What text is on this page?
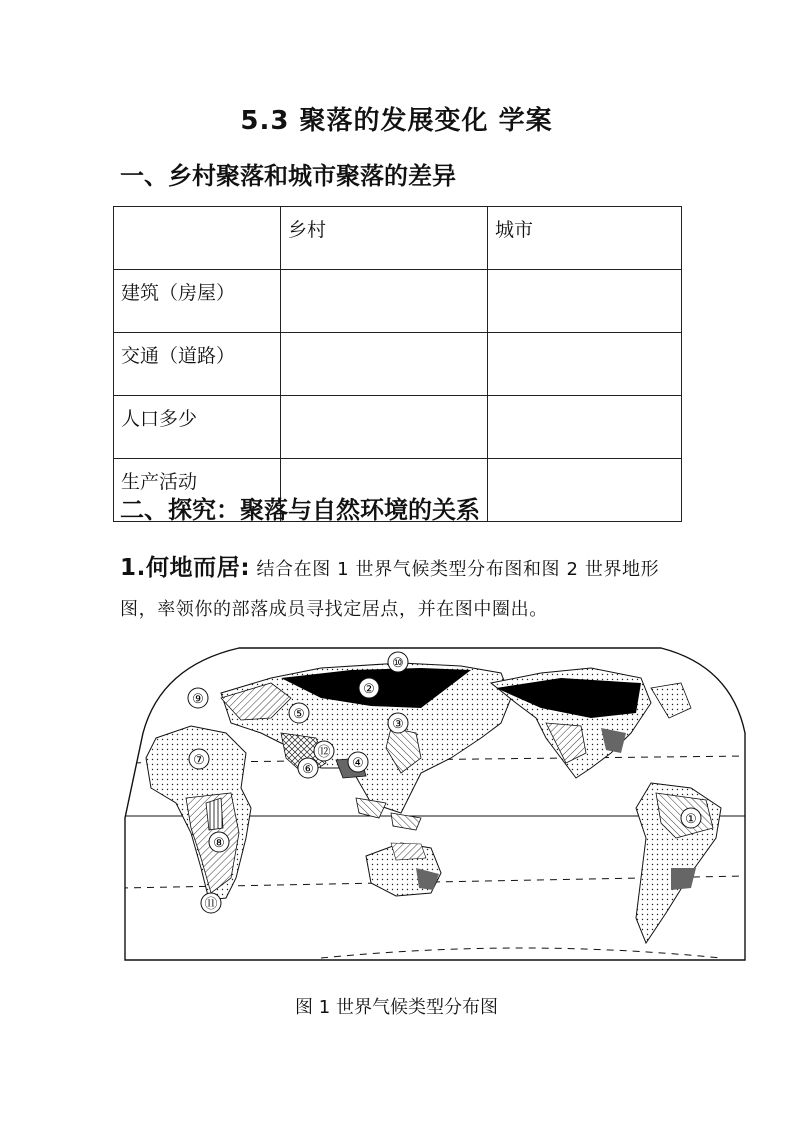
5.3 聚落的发展变化 学案
一、乡村聚落和城市聚落的差异
	乡村	城市
建筑（房屋）		
交通（道路）		
人口多少		
生产活动		
二、探究：聚落与自然环境的关系
1.何地而居: 结合在图 1 世界气候类型分布图和图 2 世界地形图，率领你的部落成员寻找定居点，并在图中圈出。
①
②
③
④
⑤
⑥
⑦
⑧
⑨
⑩
⑪
⑫
图 1 世界气候类型分布图
